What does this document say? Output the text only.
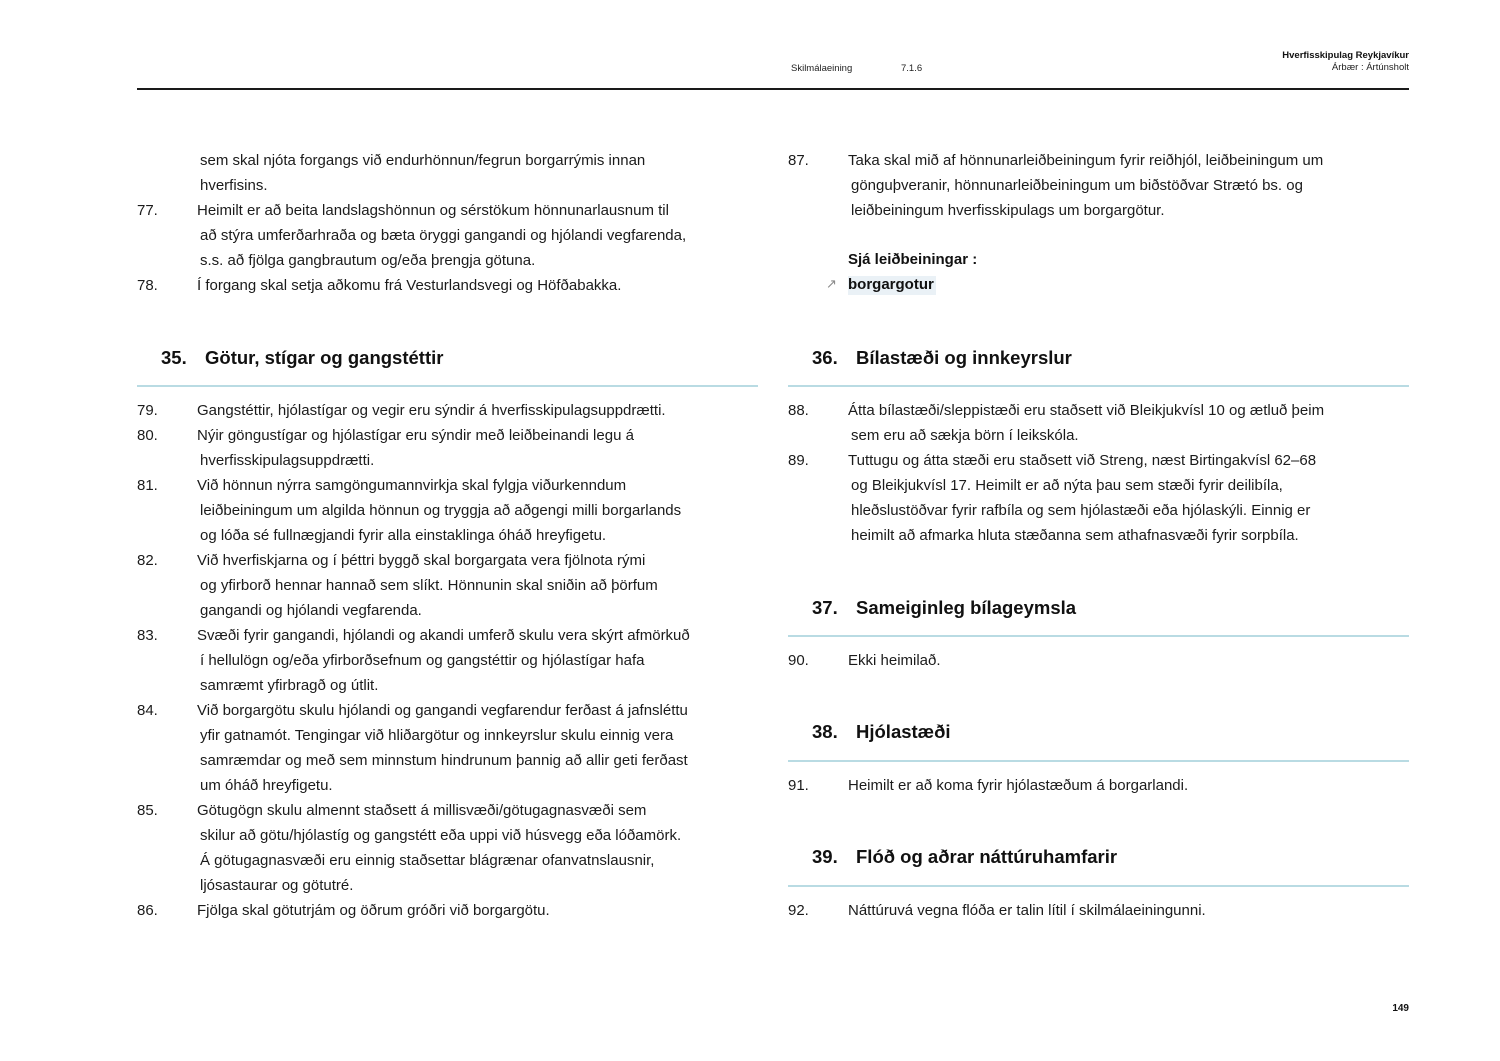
Skilmálaeining	7.1.6
Hverfisskipulag Reykjavíkur
Árbær : Ártúnsholt
sem skal njóta forgangs við endurhönnun/fegrun borgarrýmis innan
hverfisins.
77.	Heimilt er að beita landslagshönnun og sérstökum hönnunarlausnum til
að stýra umferðarhraða og bæta öryggi gangandi og hjólandi vegfarenda,
s.s. að fjölga gangbrautum og/eða þrengja götuna.
78.	Í forgang skal setja aðkomu frá Vesturlandsvegi og Höfðabakka.
35. Götur, stígar og gangstéttir
79.	Gangstéttir, hjólastígar og vegir eru sýndir á hverfisskipulagsuppdrætti.
80.	Nýir göngustígar og hjólastígar eru sýndir með leiðbeinandi legu á
hverfisskipulagsuppdrætti.
81.	Við hönnun nýrra samgöngumannvirkja skal fylgja viðurkenndum
leiðbeiningum um algilda hönnun og tryggja að aðgengi milli borgarlands
og lóða sé fullnægjandi fyrir alla einstaklinga óháð hreyfigetu.
82.	Við hverfiskjarna og í þéttri byggð skal borgargata vera fjölnota rými
og yfirborð hennar hannað sem slíkt. Hönnunin skal sniðin að þörfum
gangandi og hjólandi vegfarenda.
83.	Svæði fyrir gangandi, hjólandi og akandi umferð skulu vera skýrt afmörkuð
í hellulögn og/eða yfirborðsefnum og gangstéttir og hjólastígar hafa
samræmt yfirbragð og útlit.
84.	Við borgargötu skulu hjólandi og gangandi vegfarendur ferðast á jafnsléttu
yfir gatnamót. Tengingar við hliðargötur og innkeyrslur skulu einnig vera
samræmdar og með sem minnstum hindrunum þannig að allir geti ferðast
um óháð hreyfigetu.
85.	Götugögn skulu almennt staðsett á millisvæði/götugagnasvæði sem
skilur að götu/hjólastíg og gangstétt eða uppi við húsvegg eða lóðamörk.
Á götugagnasvæði eru einnig staðsettar blágrænar ofanvatnslausnir,
ljósastaurar og götutré.
86.	Fjölga skal götutrjám og öðrum gróðri við borgargötu.
87.	Taka skal mið af hönnunarleiðbeiningum fyrir reiðhjól, leiðbeiningum um
gönguþveranir, hönnunarleiðbeiningum um biðstöðvar Strætó bs. og
leiðbeiningum hverfisskipulags um borgargötur.
Sjá leiðbeiningar :
↗ borgargotur
36. Bílastæði og innkeyrslur
88.	Átta bílastæði/sleppistæði eru staðsett við Bleikjukvísl 10 og ætluð þeim
sem eru að sækja börn í leikskóla.
89.	Tuttugu og átta stæði eru staðsett við Streng, næst Birtingakvísl 62–68
og Bleikjukvísl 17. Heimilt er að nýta þau sem stæði fyrir deilibíla,
hleðslustöðvar fyrir rafbíla og sem hjólastæði eða hjólaskýli. Einnig er
heimilt að afmarka hluta stæðanna sem athafnasvæði fyrir sorpbíla.
37. Sameiginleg bílageymsla
90.	Ekki heimilað.
38. Hjólastæði
91.	Heimilt er að koma fyrir hjólastæðum á borgarlandi.
39. Flóð og aðrar náttúruhamfarir
92.	Náttúruvá vegna flóða er talin lítil í skilmálaeiningunni.
149
